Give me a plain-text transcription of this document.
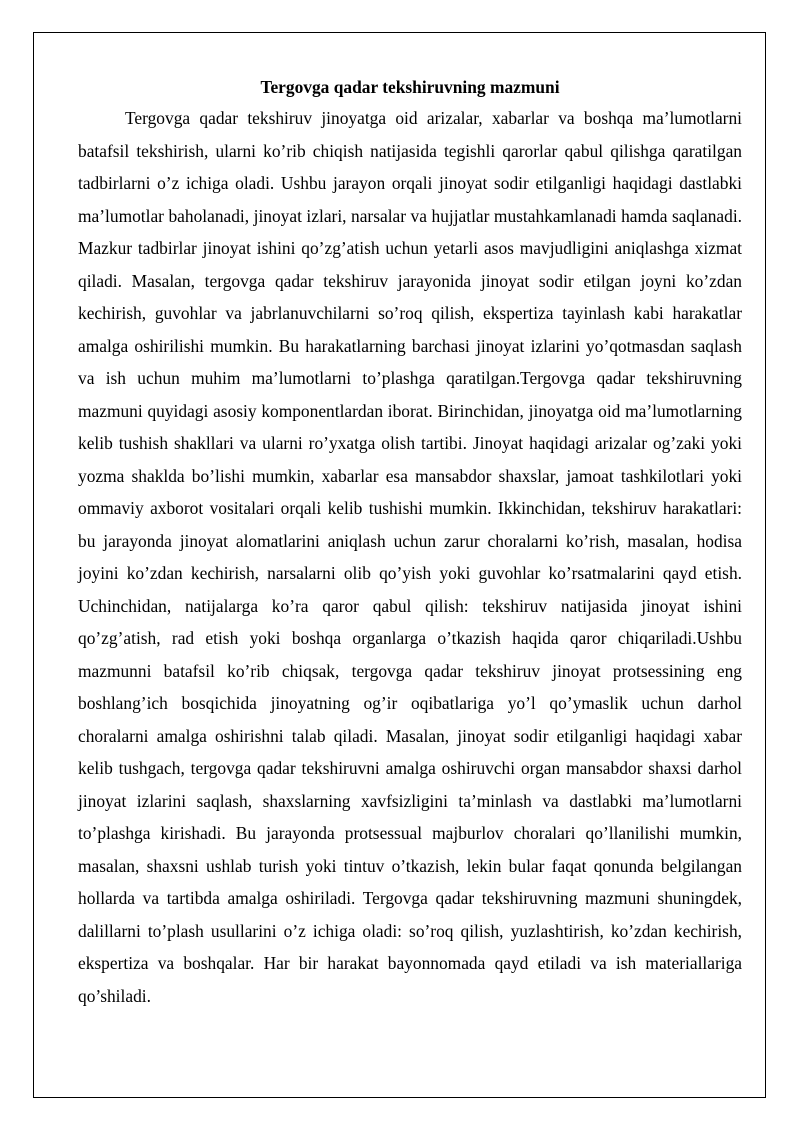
Tergovga qadar tekshiruvning mazmuni

Tergovga qadar tekshiruv jinoyatga oid arizalar, xabarlar va boshqa ma’lumotlarni batafsil tekshirish, ularni ko’rib chiqish natijasida tegishli qarorlar qabul qilishga qaratilgan tadbirlarni o’z ichiga oladi. Ushbu jarayon orqali jinoyat sodir etilganligi haqidagi dastlabki ma’lumotlar baholanadi, jinoyat izlari, narsalar va hujjatlar mustahkamlanadi hamda saqlanadi. Mazkur tadbirlar jinoyat ishini qo’zg’atish uchun yetarli asos mavjudligini aniqlashga xizmat qiladi. Masalan, tergovga qadar tekshiruv jarayonida jinoyat sodir etilgan joyni ko’zdan kechirish, guvohlar va jabrlanuvchilarni so’roq qilish, ekspertiza tayinlash kabi harakatlar amalga oshirilishi mumkin. Bu harakatlarning barchasi jinoyat izlarini yo’qotmasdan saqlash va ish uchun muhim ma’lumotlarni to’plashga qaratilgan.Tergovga qadar tekshiruvning mazmuni quyidagi asosiy komponentlardan iborat. Birinchidan, jinoyatga oid ma’lumotlarning kelib tushish shakllari va ularni ro’yxatga olish tartibi. Jinoyat haqidagi arizalar og’zaki yoki yozma shaklda bo’lishi mumkin, xabarlar esa mansabdor shaxslar, jamoat tashkilotlari yoki ommaviy axborot vositalari orqali kelib tushishi mumkin. Ikkinchidan, tekshiruv harakatlari: bu jarayonda jinoyat alomatlarini aniqlash uchun zarur choralarni ko’rish, masalan, hodisa joyini ko’zdan kechirish, narsalarni olib qo’yish yoki guvohlar ko’rsatmalarini qayd etish. Uchinchidan, natijalarga ko’ra qaror qabul qilish: tekshiruv natijasida jinoyat ishini qo’zg’atish, rad etish yoki boshqa organlarga o’tkazish haqida qaror chiqariladi.Ushbu mazmunni batafsil ko’rib chiqsak, tergovga qadar tekshiruv jinoyat protsessining eng boshlang’ich bosqichida jinoyatning og’ir oqibatlariga yo’l qo’ymaslik uchun darhol choralarni amalga oshirishni talab qiladi. Masalan, jinoyat sodir etilganligi haqidagi xabar kelib tushgach, tergovga qadar tekshiruvni amalga oshiruvchi organ mansabdor shaxsi darhol jinoyat izlarini saqlash, shaxslarning xavfsizligini ta’minlash va dastlabki ma’lumotlarni to’plashga kirishadi. Bu jarayonda protsessual majburlov choralari qo’llanilishi mumkin, masalan, shaxsni ushlab turish yoki tintuv o’tkazish, lekin bular faqat qonunda belgilangan hollarda va tartibda amalga oshiriladi. Tergovga qadar tekshiruvning mazmuni shuningdek, dalillarni to’plash usullarini o’z ichiga oladi: so’roq qilish, yuzlashtirish, ko’zdan kechirish, ekspertiza va boshqalar. Har bir harakat bayonnomada qayd etiladi va ish materiallariga qo’shiladi.
